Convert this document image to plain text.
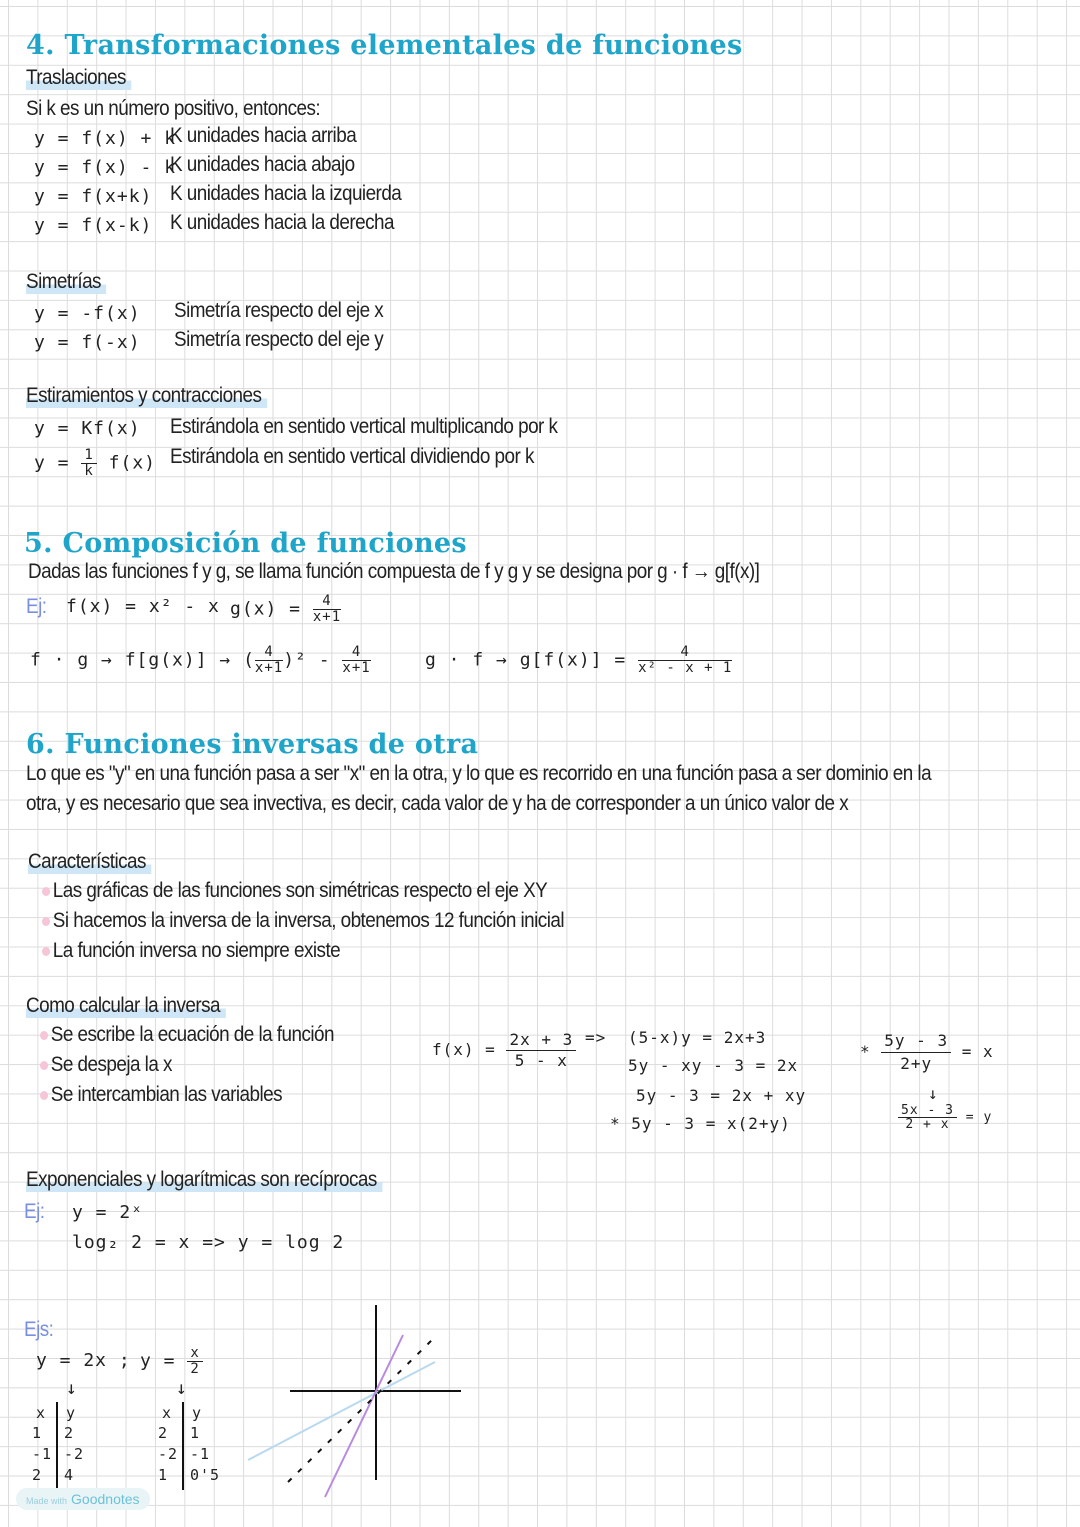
4. Transformaciones elementales de funciones
Traslaciones
Si k es un número positivo, entonces:
y = f(x) + k
K unidades hacia arriba
y = f(x) - k
K unidades hacia abajo
y = f(x+k) K unidades hacia la izquierda
y = f(x-k) K unidades hacia la derecha
y = -f(x) Simetría respecto del eje x
y = f(-x) Simetría respecto del eje y
Simetrías
Estiramientos y contracciones
y = Kf(x) Estirándola en sentido vertical multiplicando por k
$y = \frac{1}{k} f(x)$ Estirándola en sentido vertical dividiendo por k
5. Composición de funciones
Dadas las funciones f y g, se llama función compuesta de f y g y se designa por g · f → g[f(x)]
Ej: f(x) = x² - x $g(x) = \frac{4}{x+1}$
f · g → f[g(x)] → ( $\frac{4}{x+1})^2 - \frac{4}{x+1}$	$g \cdot f \to g[f(x)] = \frac{4}{\text{x² - x + 1}}$
6. Funciones inversas de otra
Lo que es "y" en una función pasa a ser "x" en la otra, y lo que es recorrido en una función pasa a ser dominio en la
otra, y es necesario que sea invectiva, es decir, cada valor de y ha de corresponder a un único valor de x
Características
Las gráficas de las funciones son simétricas respecto el eje XY
Si hacemos la inversa de la inversa, obtenemos 12 función inicial
La función inversa no siempre existe
Como calcular la inversa
Se escribe la ecuación de la función
Se despeja la x
Se intercambian las variables
$f(x) = \frac{2x + 3}{5 - x} => (5-x)y = 2x+3$
5y - xy - 3 = 2x
5y - 3 = 2x + xy
* 5y - 3 = x(2+y)
* $\frac{5y - 3}{2+y} = x$
↓
$\frac{5x - 3}{2 + x} = y$
Exponenciales y logarítmicas son recíprocas
Ej: y = 2ˣ
log₂ 2 = x => y = log 2
Ejs:
y = 2x ; $y = \frac{x}{2}$
↓	↓
x y
1 2
-1 -2
2 4
x y
2 1
-2 -1
1 0'5
Made with Goodnotes
